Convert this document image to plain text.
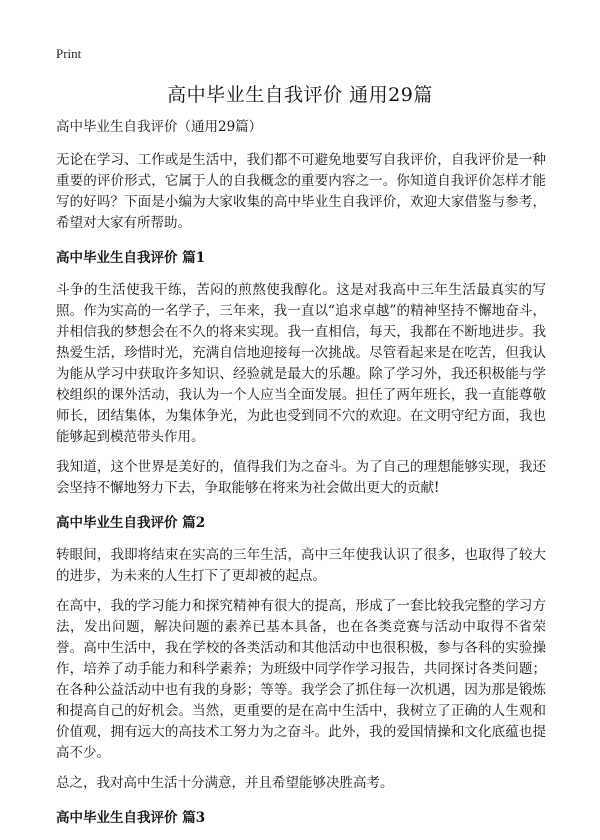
Print
高中毕业生自我评价 通用29篇

高中毕业生自我评价（通用29篇）

无论在学习、工作或是生活中，我们都不可避免地要写自我评价，自我评价是一种重要的评价形式，它属于人的自我概念的重要内容之一。你知道自我评价怎样才能写的好吗？下面是小编为大家收集的高中毕业生自我评价，欢迎大家借鉴与参考，希望对大家有所帮助。

高中毕业生自我评价 篇1

斗争的生活使我干练，苦闷的煎熬使我醇化。这是对我高中三年生活最真实的写照。作为实高的一名学子，三年来，我一直以“追求卓越”的精神坚持不懈地奋斗，并相信我的梦想会在不久的将来实现。我一直相信，每天，我都在不断地进步。我热爱生活，珍惜时光，充满自信地迎接每一次挑战。尽管看起来是在吃苦，但我认为能从学习中获取许多知识、经验就是最大的乐趣。除了学习外，我还积极能与学校组织的课外活动，我认为一个人应当全面发展。担任了两年班长，我一直能尊敬师长，团结集体，为集体争光，为此也受到同不穴的欢迎。在文明守纪方面，我也能够起到模范带头作用。

我知道，这个世界是美好的，值得我们为之奋斗。为了自己的理想能够实现，我还会坚持不懈地努力下去，争取能够在将来为社会做出更大的贡献!

高中毕业生自我评价 篇2

转眼间，我即将结束在实高的三年生活，高中三年使我认识了很多，也取得了较大的进步，为未来的人生打下了更却被的起点。

在高中，我的学习能力和探究精神有很大的提高，形成了一套比较我完整的学习方法，发出问题，解决问题的素养已基本具备，也在各类竞赛与活动中取得不省荣誉。高中生活中，我在学校的各类活动和其他活动中也很积极，参与各科的实验操作，培养了动手能力和科学素养；为班级中同学作学习报告，共同探讨各类问题；在各种公益活动中也有我的身影；等等。我学会了抓住每一次机遇，因为那是锻炼和提高自己的好机会。当然，更重要的是在高中生活中，我树立了正确的人生观和价值观，拥有远大的高技术工努力为之奋斗。此外，我的爱国情操和文化底蕴也提高不少。

总之，我对高中生活十分满意，并且希望能够决胜高考。

高中毕业生自我评价 篇3
